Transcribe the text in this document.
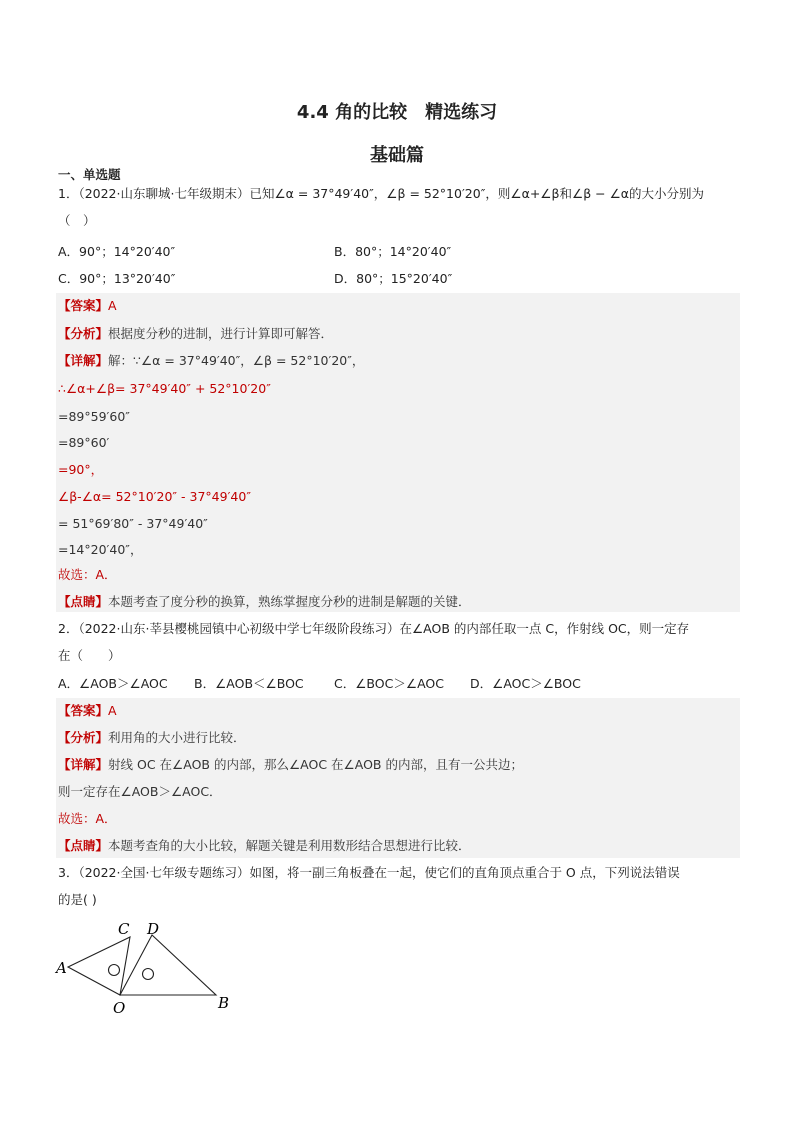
4.4 角的比较　精选练习
基础篇
一、单选题
1．（2022·山东聊城·七年级期末）已知∠α = 37°49′40″，∠β = 52°10′20″，则∠α+∠β和∠β − ∠α的大小分别为
（　）
A．90°；14°20′40″	B．80°；14°20′40″
C．90°；13°20′40″	D．80°；15°20′40″
【答案】A
【分析】根据度分秒的进制，进行计算即可解答．
【详解】解：∵∠α = 37°49′40″，∠β = 52°10′20″，
∴∠α+∠β= 37°49′40″ + 52°10′20″
=89°59′60″
=89°60′
=90°，
∠β-∠α= 52°10′20″ - 37°49′40″
= 51°69′80″ - 37°49′40″
=14°20′40″，
故选：A．
【点睛】本题考查了度分秒的换算，熟练掌握度分秒的进制是解题的关键．
2．（2022·山东·莘县樱桃园镇中心初级中学七年级阶段练习）在∠AOB 的内部任取一点 C，作射线 OC，则一定存
在（　　）
A．∠AOB＞∠AOC B．∠AOB＜∠BOC C．∠BOC＞∠AOC D．∠AOC＞∠BOC
【答案】A
【分析】利用角的大小进行比较．
【详解】射线 OC 在∠AOB 的内部，那么∠AOC 在∠AOB 的内部，且有一公共边；
则一定存在∠AOB＞∠AOC．
故选：A．
【点睛】本题考查角的大小比较，解题关键是利用数形结合思想进行比较．
3．（2022·全国·七年级专题练习）如图，将一副三角板叠在一起，使它们的直角顶点重合于 O 点，下列说法错误
的是( )
A
C D
O	B
